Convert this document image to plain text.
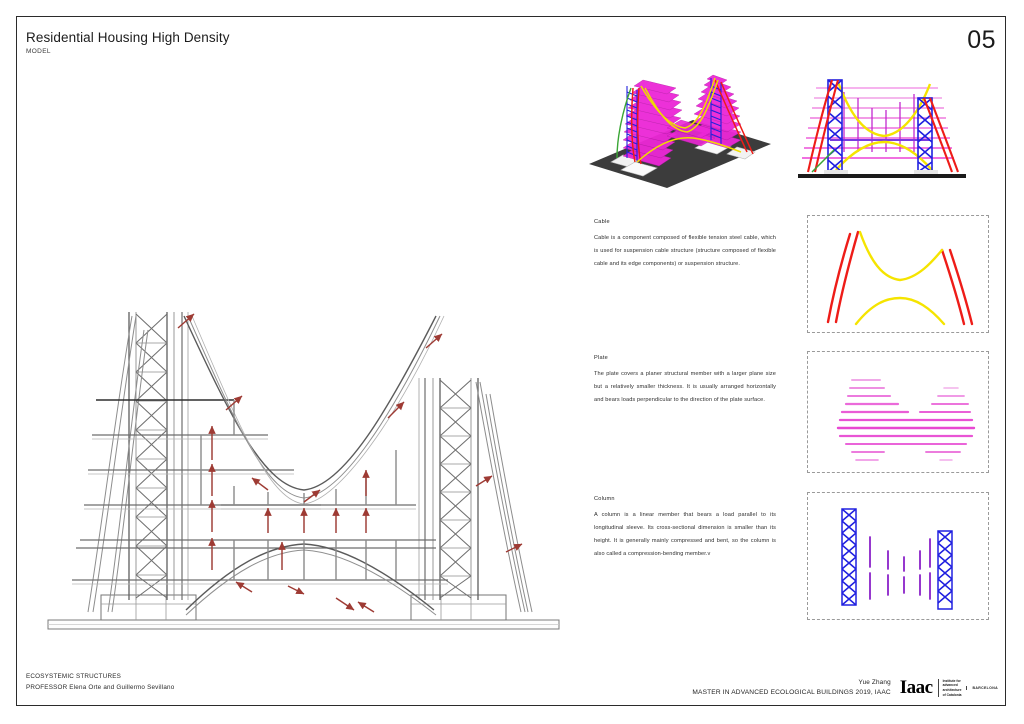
Residential Housing High Density
MODEL	05
Cable
Cable is a component composed of flexible tension steel cable, which is used for suspension cable structure (structure composed of flexible cable and its edge components) or suspension structure.
Plate
The plate covers a planer structural member with a larger plane size but a relatively smaller thickness. It is usually arranged horizontally and bears loads perpendicular to the direction of the plate surface.
Column
A column is a linear member that bears a load parallel to its longitudinal sleeve. Its cross-sectional dimension is smaller than its height. It is generally mainly compressed and bent, so the column is also called a compression-bending member.v
ECOSYSTEMIC STRUCTURES
PROFESSOR Elena Orte and Guillermo Sevillano
Yue Zhang
MASTER IN ADVANCED ECOLOGICAL BUILDINGS 2019, IAAC Iaac	Institute for
advanced
architecture
of Catalonia
BARCELONA
